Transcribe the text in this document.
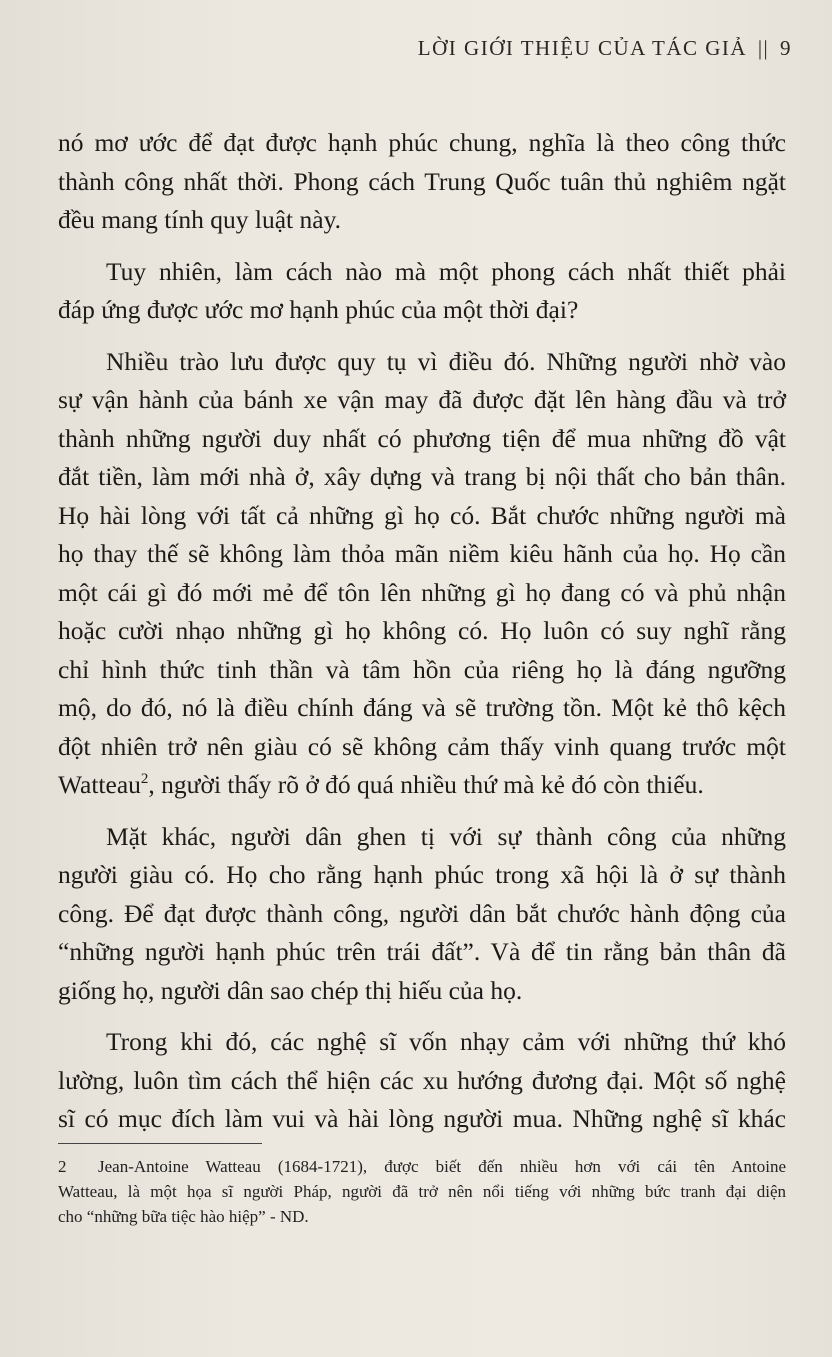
LỜI GIỚI THIỆU CỦA TÁC GIẢ || 9

nó mơ ước để đạt được hạnh phúc chung, nghĩa là theo công thức
thành công nhất thời. Phong cách Trung Quốc tuân thủ nghiêm ngặt
đều mang tính quy luật này.

Tuy nhiên, làm cách nào mà một phong cách nhất thiết phải
đáp ứng được ước mơ hạnh phúc của một thời đại?

Nhiều trào lưu được quy tụ vì điều đó. Những người nhờ vào
sự vận hành của bánh xe vận may đã được đặt lên hàng đầu và trở
thành những người duy nhất có phương tiện để mua những đồ vật
đắt tiền, làm mới nhà ở, xây dựng và trang bị nội thất cho bản thân.
Họ hài lòng với tất cả những gì họ có. Bắt chước những người mà
họ thay thế sẽ không làm thỏa mãn niềm kiêu hãnh của họ. Họ cần
một cái gì đó mới mẻ để tôn lên những gì họ đang có và phủ nhận
hoặc cười nhạo những gì họ không có. Họ luôn có suy nghĩ rằng
chỉ hình thức tinh thần và tâm hồn của riêng họ là đáng ngưỡng
mộ, do đó, nó là điều chính đáng và sẽ trường tồn. Một kẻ thô kệch
đột nhiên trở nên giàu có sẽ không cảm thấy vinh quang trước một
Watteau$^2$, người thấy rõ ở đó quá nhiều thứ mà kẻ đó còn thiếu.

Mặt khác, người dân ghen tị với sự thành công của những
người giàu có. Họ cho rằng hạnh phúc trong xã hội là ở sự thành
công. Để đạt được thành công, người dân bắt chước hành động của
“những người hạnh phúc trên trái đất”. Và để tin rằng bản thân đã
giống họ, người dân sao chép thị hiếu của họ.

Trong khi đó, các nghệ sĩ vốn nhạy cảm với những thứ khó
lường, luôn tìm cách thể hiện các xu hướng đương đại. Một số nghệ
sĩ có mục đích làm vui và hài lòng người mua. Những nghệ sĩ khác

2 Jean-Antoine Watteau (1684-1721), được biết đến nhiều hơn với cái tên Antoine
Watteau, là một họa sĩ người Pháp, người đã trở nên nổi tiếng với những bức tranh đại diện
cho “những bữa tiệc hào hiệp” - ND.
